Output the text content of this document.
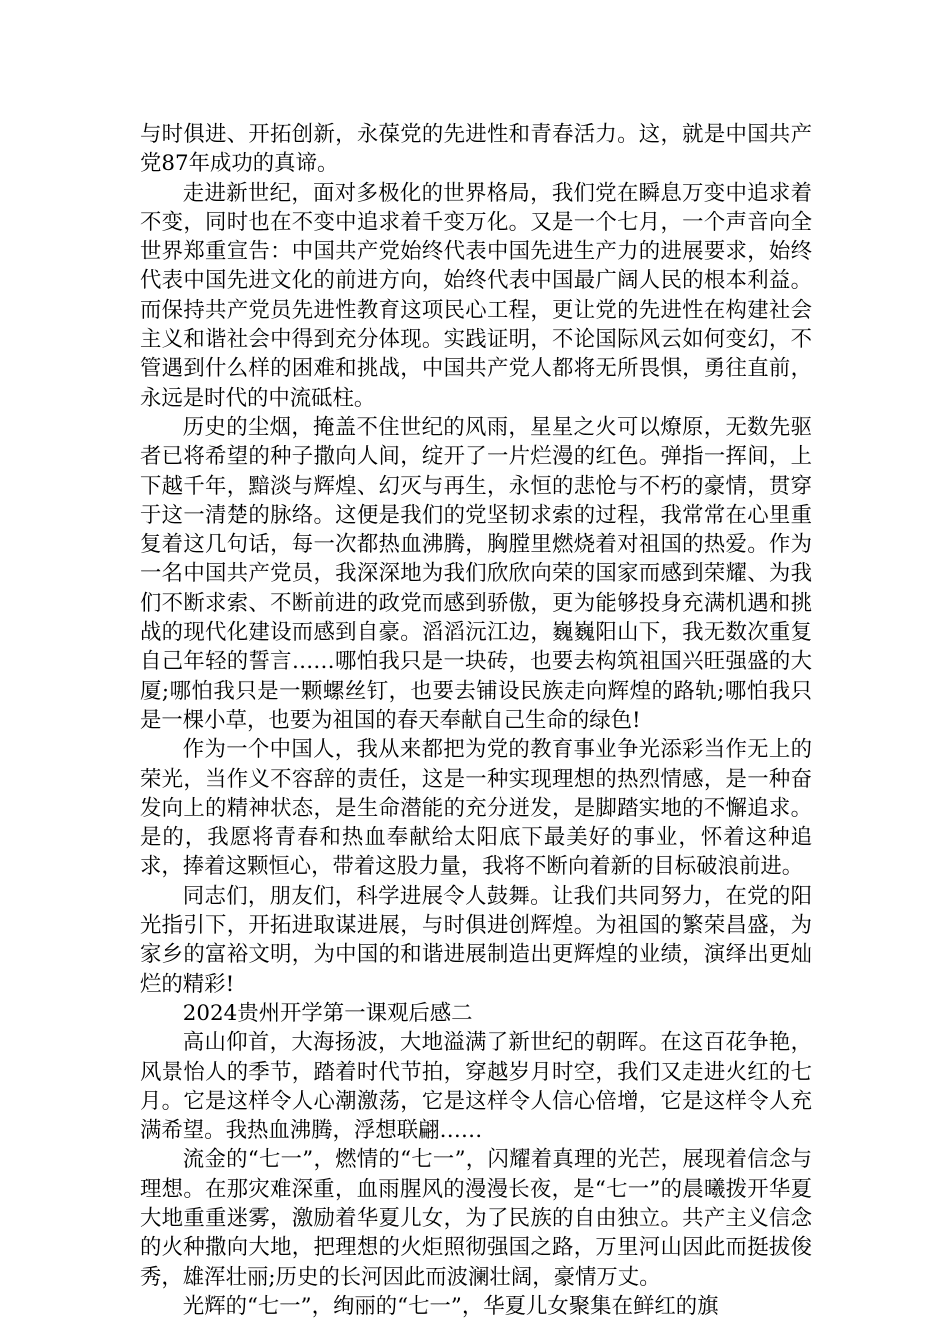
与时俱进、开拓创新，永葆党的先进性和青春活力。这，就是中国共产党87年成功的真谛。

走进新世纪，面对多极化的世界格局，我们党在瞬息万变中追求着不变，同时也在不变中追求着千变万化。又是一个七月，一个声音向全世界郑重宣告：中国共产党始终代表中国先进生产力的进展要求，始终代表中国先进文化的前进方向，始终代表中国最广阔人民的根本利益。而保持共产党员先进性教育这项民心工程，更让党的先进性在构建社会主义和谐社会中得到充分体现。实践证明，不论国际风云如何变幻，不管遇到什么样的困难和挑战，中国共产党人都将无所畏惧，勇往直前，永远是时代的中流砥柱。

历史的尘烟，掩盖不住世纪的风雨，星星之火可以燎原，无数先驱者已将希望的种子撒向人间，绽开了一片烂漫的红色。弹指一挥间，上下越千年，黯淡与辉煌、幻灭与再生，永恒的悲怆与不朽的豪情，贯穿于这一清楚的脉络。这便是我们的党坚韧求索的过程，我常常在心里重复着这几句话，每一次都热血沸腾，胸膛里燃烧着对祖国的热爱。作为一名中国共产党员，我深深地为我们欣欣向荣的国家而感到荣耀、为我们不断求索、不断前进的政党而感到骄傲，更为能够投身充满机遇和挑战的现代化建设而感到自豪。滔滔沅江边，巍巍阳山下，我无数次重复自己年轻的誓言……哪怕我只是一块砖，也要去构筑祖国兴旺强盛的大厦;哪怕我只是一颗螺丝钉，也要去铺设民族走向辉煌的路轨;哪怕我只是一棵小草，也要为祖国的春天奉献自己生命的绿色!

作为一个中国人，我从来都把为党的教育事业争光添彩当作无上的荣光，当作义不容辞的责任，这是一种实现理想的热烈情感，是一种奋发向上的精神状态，是生命潜能的充分迸发，是脚踏实地的不懈追求。是的，我愿将青春和热血奉献给太阳底下最美好的事业，怀着这种追求，捧着这颗恒心，带着这股力量，我将不断向着新的目标破浪前进。

同志们，朋友们，科学进展令人鼓舞。让我们共同努力，在党的阳光指引下，开拓进取谋进展，与时俱进创辉煌。为祖国的繁荣昌盛，为家乡的富裕文明，为中国的和谐进展制造出更辉煌的业绩，演绎出更灿烂的精彩!

2024贵州开学第一课观后感二

高山仰首，大海扬波，大地溢满了新世纪的朝晖。在这百花争艳，风景怡人的季节，踏着时代节拍，穿越岁月时空，我们又走进火红的七月。它是这样令人心潮激荡，它是这样令人信心倍增，它是这样令人充满希望。我热血沸腾，浮想联翩……

流金的“七一”，燃情的“七一”，闪耀着真理的光芒，展现着信念与理想。在那灾难深重，血雨腥风的漫漫长夜，是“七一”的晨曦拨开华夏大地重重迷雾，激励着华夏儿女，为了民族的自由独立。共产主义信念的火种撒向大地，把理想的火炬照彻强国之路，万里河山因此而挺拔俊秀，雄浑壮丽;历史的长河因此而波澜壮阔，豪情万丈。

光辉的“七一”，绚丽的“七一”，华夏儿女聚集在鲜红的旗
